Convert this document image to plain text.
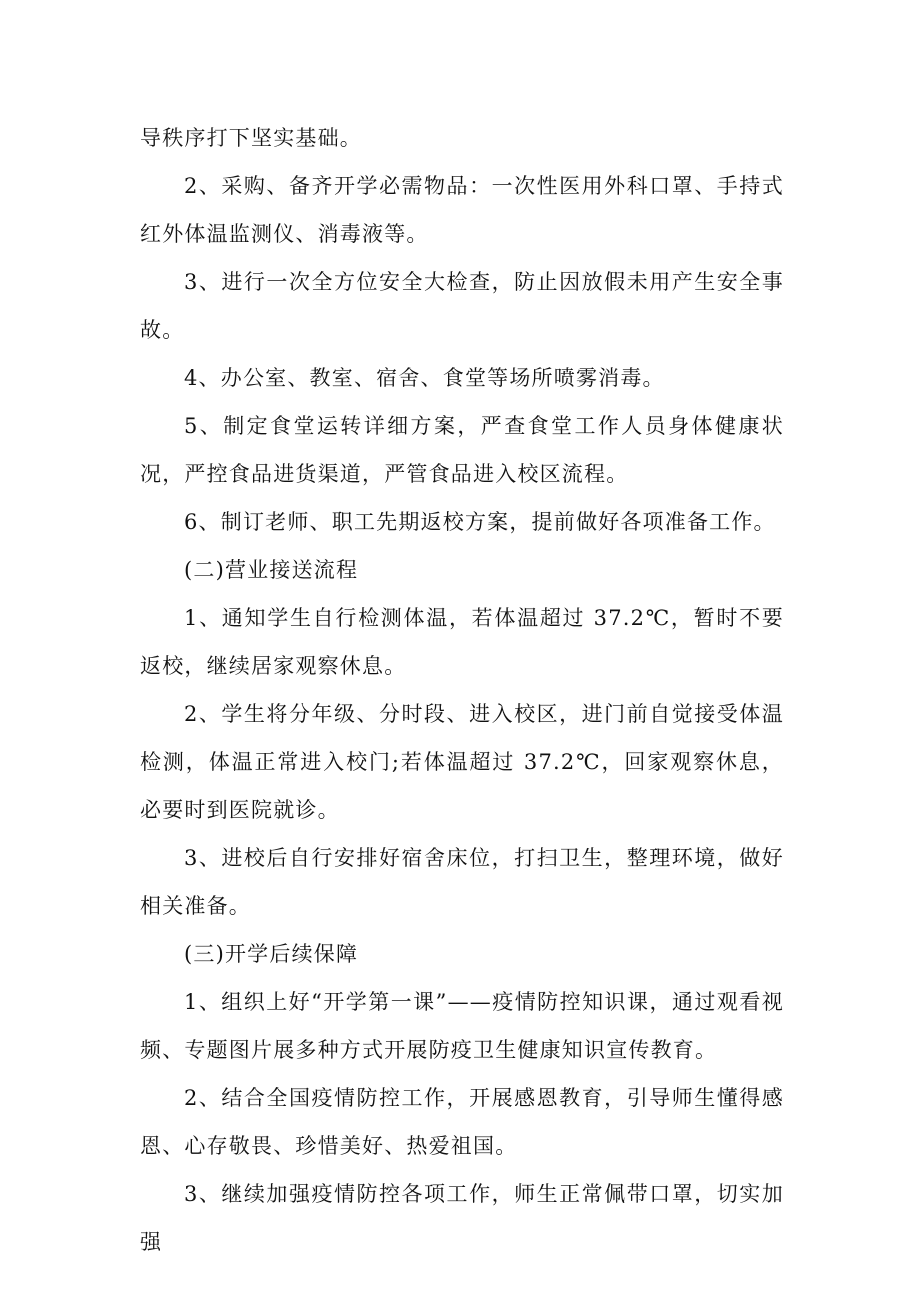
导秩序打下坚实基础。

2、采购、备齐开学必需物品：一次性医用外科口罩、手持式红外体温监测仪、消毒液等。

3、进行一次全方位安全大检查，防止因放假未用产生安全事故。

4、办公室、教室、宿舍、食堂等场所喷雾消毒。

5、制定食堂运转详细方案，严查食堂工作人员身体健康状况，严控食品进货渠道，严管食品进入校区流程。

6、制订老师、职工先期返校方案，提前做好各项准备工作。

(二)营业接送流程

1、通知学生自行检测体温，若体温超过 37.2℃，暂时不要返校，继续居家观察休息。

2、学生将分年级、分时段、进入校区，进门前自觉接受体温检测，体温正常进入校门;若体温超过 37.2℃，回家观察休息，必要时到医院就诊。

3、进校后自行安排好宿舍床位，打扫卫生，整理环境，做好相关准备。

(三)开学后续保障

1、组织上好“开学第一课”——疫情防控知识课，通过观看视频、专题图片展多种方式开展防疫卫生健康知识宣传教育。

2、结合全国疫情防控工作，开展感恩教育，引导师生懂得感恩、心存敬畏、珍惜美好、热爱祖国。

3、继续加强疫情防控各项工作，师生正常佩带口罩，切实加强
